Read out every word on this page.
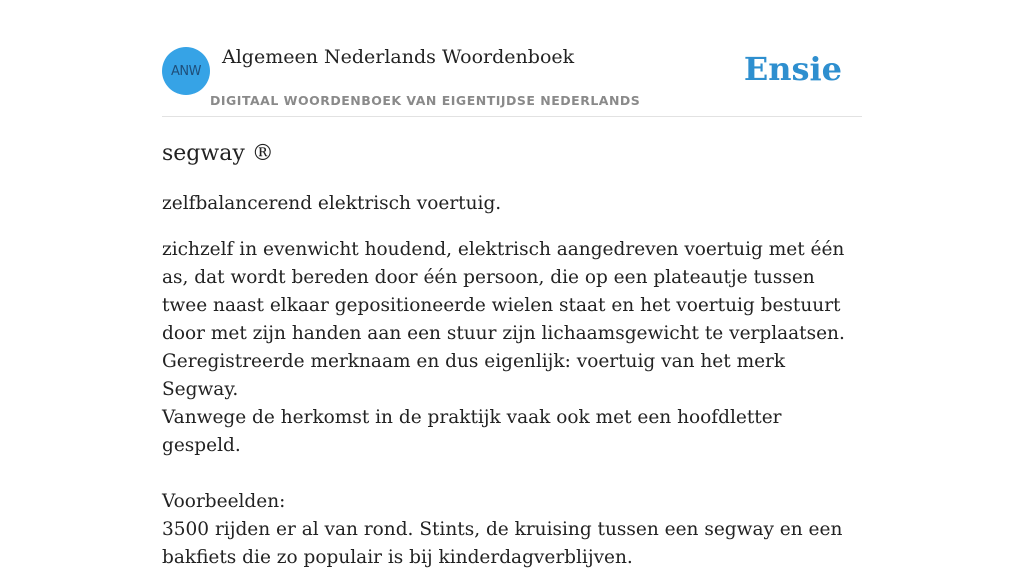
ANW
Algemeen Nederlands Woordenboek
DIGITAAL WOORDENBOEK VAN EIGENTIJDSE NEDERLANDS
Ensie
segway ®

zelfbalancerend elektrisch voertuig.

zichzelf in evenwicht houdend, elektrisch aangedreven voertuig met één as, dat wordt bereden door één persoon, die op een plateautje tussen twee naast elkaar gepositioneerde wielen staat en het voertuig bestuurt door met zijn handen aan een stuur zijn lichaamsgewicht te verplaatsen.
Geregistreerde merknaam en dus eigenlijk: voertuig van het merk Segway.
Vanwege de herkomst in de praktijk vaak ook met een hoofdletter gespeld.
Voorbeelden:
3500 rijden er al van rond. Stints, de kruising tussen een segway en een bakfiets die zo populair is bij kinderdagverblijven.
